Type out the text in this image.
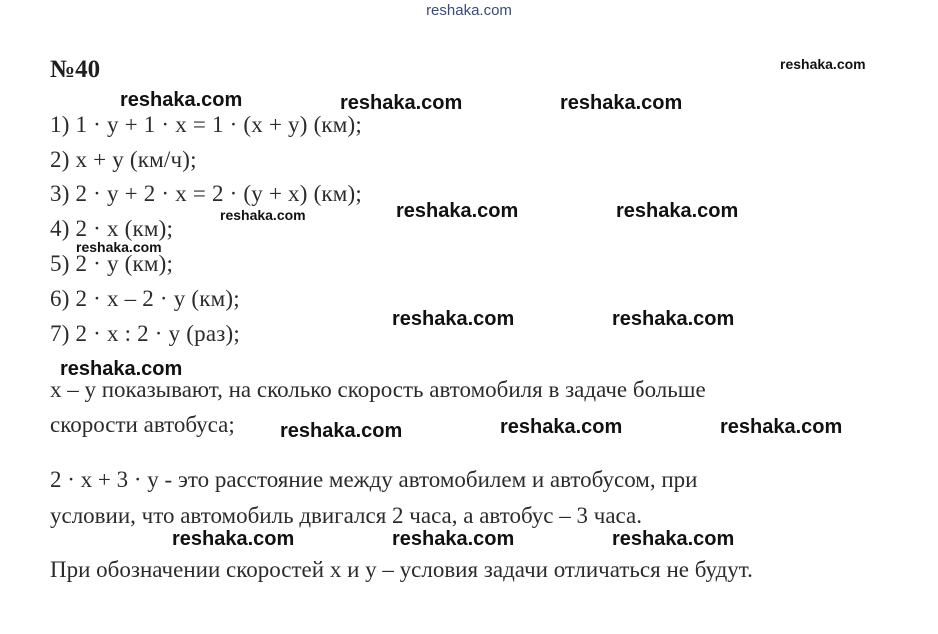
reshaka.com
№40
1) 1 · y + 1 · x = 1 · (x + y) (км);
2) x + y (км/ч);
3) 2 · y + 2 · x = 2 · (y + x) (км);
4) 2 · x (км);
5) 2 · y (км);
6) 2 · x – 2 · y (км);
7) 2 · x : 2 · y (раз);
x – y показывают, на сколько скорость автомобиля в задаче больше
скорости автобуса;
2 · x + 3 · y - это расстояние между автомобилем и автобусом, при
условии, что автомобиль двигался 2 часа, а автобус – 3 часа.
При обозначении скоростей x и y – условия задачи отличаться не будут.
reshaka.com
reshaka.com	reshaka.com	reshaka.com
reshaka.com	reshaka.com	reshaka.com
reshaka.com
reshaka.com	reshaka.com
reshaka.com
reshaka.com	reshaka.com	reshaka.com
reshaka.com	reshaka.com	reshaka.com
